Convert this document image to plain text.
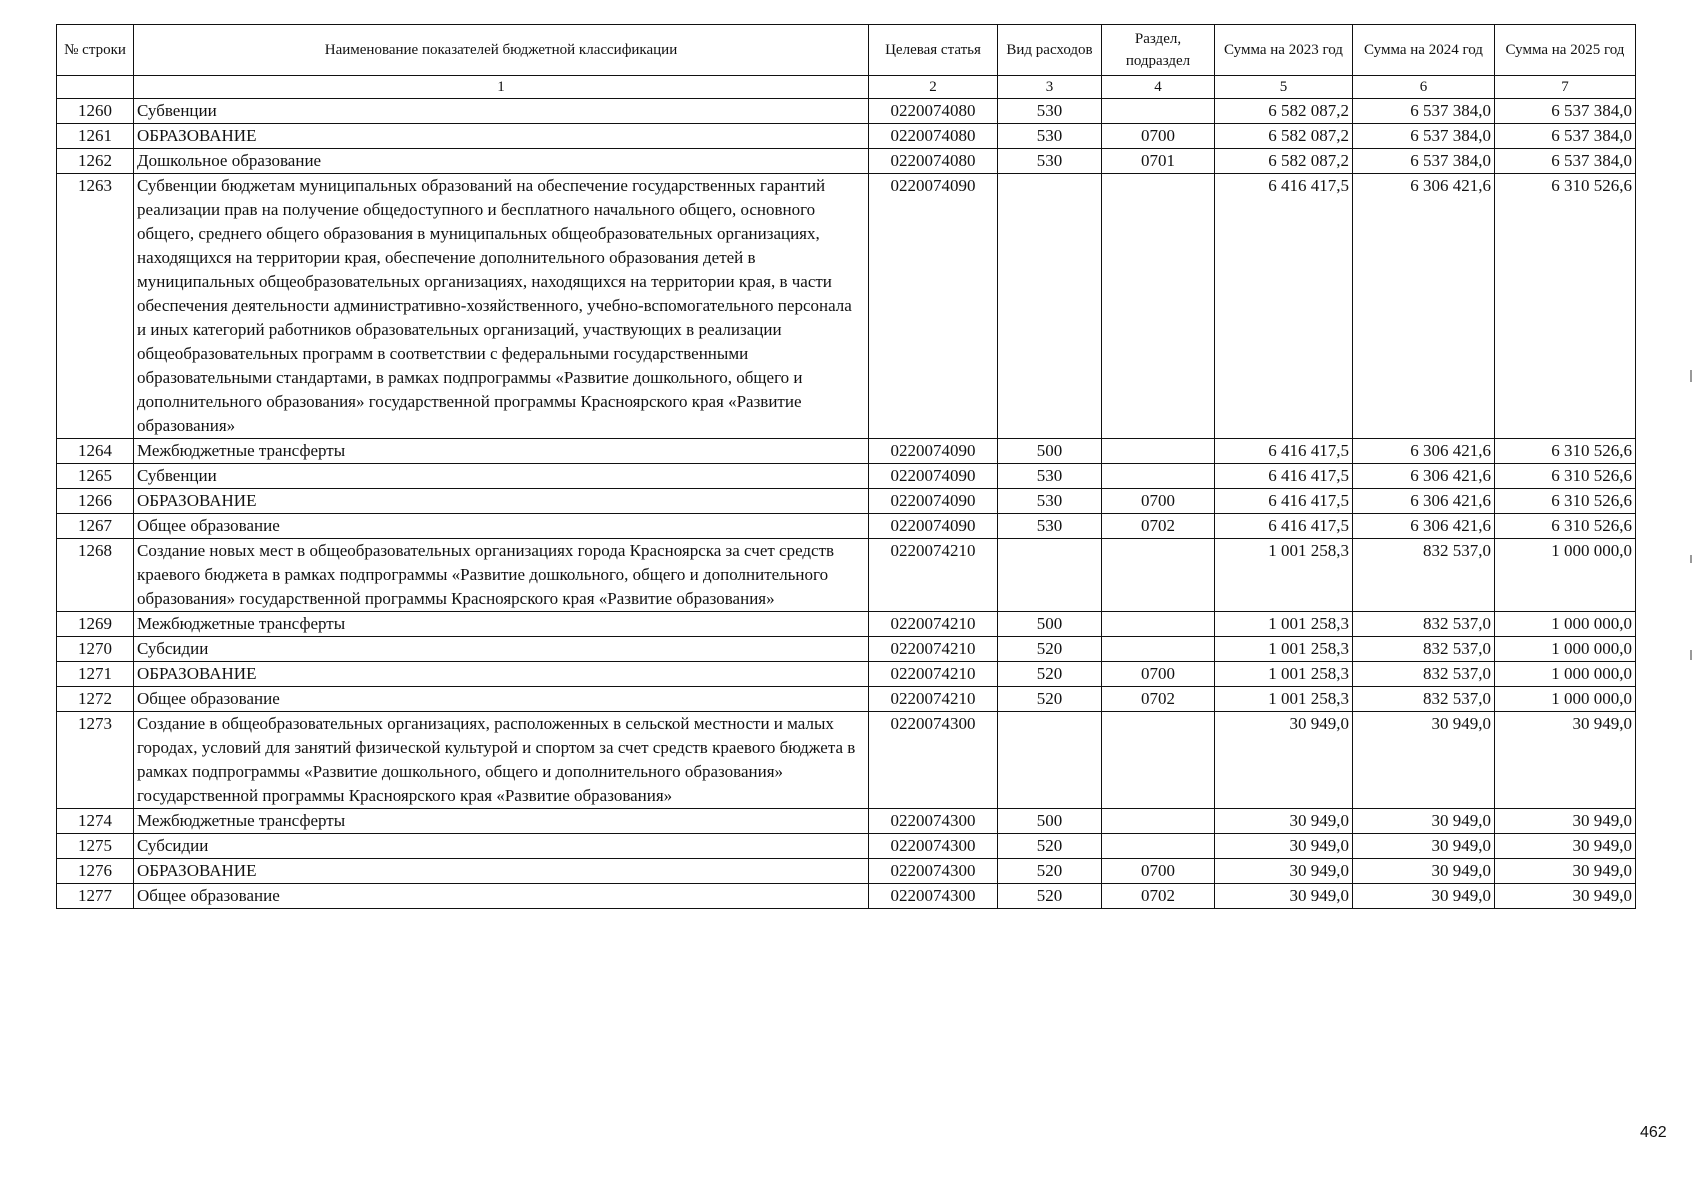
№ строки	Наименование показателей бюджетной классификации	Целевая статья	Вид расходов	Раздел, подраздел	Сумма на 2023 год	Сумма на 2024 год	Сумма на 2025 год
	1	2	3	4	5	6	7
1260	Субвенции	0220074080	530		6 582 087,2	6 537 384,0	6 537 384,0
1261	ОБРАЗОВАНИЕ	0220074080	530	0700	6 582 087,2	6 537 384,0	6 537 384,0
1262	Дошкольное образование	0220074080	530	0701	6 582 087,2	6 537 384,0	6 537 384,0
1263	Субвенции бюджетам муниципальных образований на обеспечение государственных гарантий реализации прав на получение общедоступного и бесплатного начального общего, основного общего, среднего общего образования в муниципальных общеобразовательных организациях, находящихся на территории края, обеспечение дополнительного образования детей в муниципальных общеобразовательных организациях, находящихся на территории края, в части обеспечения деятельности административно-хозяйственного, учебно-вспомогательного персонала и иных категорий работников образовательных организаций, участвующих в реализации общеобразовательных программ в соответствии с федеральными государственными образовательными стандартами, в рамках подпрограммы «Развитие дошкольного, общего и дополнительного образования» государственной программы Красноярского края «Развитие образования»	0220074090			6 416 417,5	6 306 421,6	6 310 526,6
1264	Межбюджетные трансферты	0220074090	500		6 416 417,5	6 306 421,6	6 310 526,6
1265	Субвенции	0220074090	530		6 416 417,5	6 306 421,6	6 310 526,6
1266	ОБРАЗОВАНИЕ	0220074090	530	0700	6 416 417,5	6 306 421,6	6 310 526,6
1267	Общее образование	0220074090	530	0702	6 416 417,5	6 306 421,6	6 310 526,6
1268	Создание новых мест в общеобразовательных организациях города Красноярска за счет средств краевого бюджета в рамках подпрограммы «Развитие дошкольного, общего и дополнительного образования» государственной программы Красноярского края «Развитие образования»	0220074210			1 001 258,3	832 537,0	1 000 000,0
1269	Межбюджетные трансферты	0220074210	500		1 001 258,3	832 537,0	1 000 000,0
1270	Субсидии	0220074210	520		1 001 258,3	832 537,0	1 000 000,0
1271	ОБРАЗОВАНИЕ	0220074210	520	0700	1 001 258,3	832 537,0	1 000 000,0
1272	Общее образование	0220074210	520	0702	1 001 258,3	832 537,0	1 000 000,0
1273	Создание в общеобразовательных организациях, расположенных в сельской местности и малых городах, условий для занятий физической культурой и спортом за счет средств краевого бюджета в рамках подпрограммы «Развитие дошкольного, общего и дополнительного образования» государственной программы Красноярского края «Развитие образования»	0220074300			30 949,0	30 949,0	30 949,0
1274	Межбюджетные трансферты	0220074300	500		30 949,0	30 949,0	30 949,0
1275	Субсидии	0220074300	520		30 949,0	30 949,0	30 949,0
1276	ОБРАЗОВАНИЕ	0220074300	520	0700	30 949,0	30 949,0	30 949,0
1277	Общее образование	0220074300	520	0702	30 949,0	30 949,0	30 949,0
462
